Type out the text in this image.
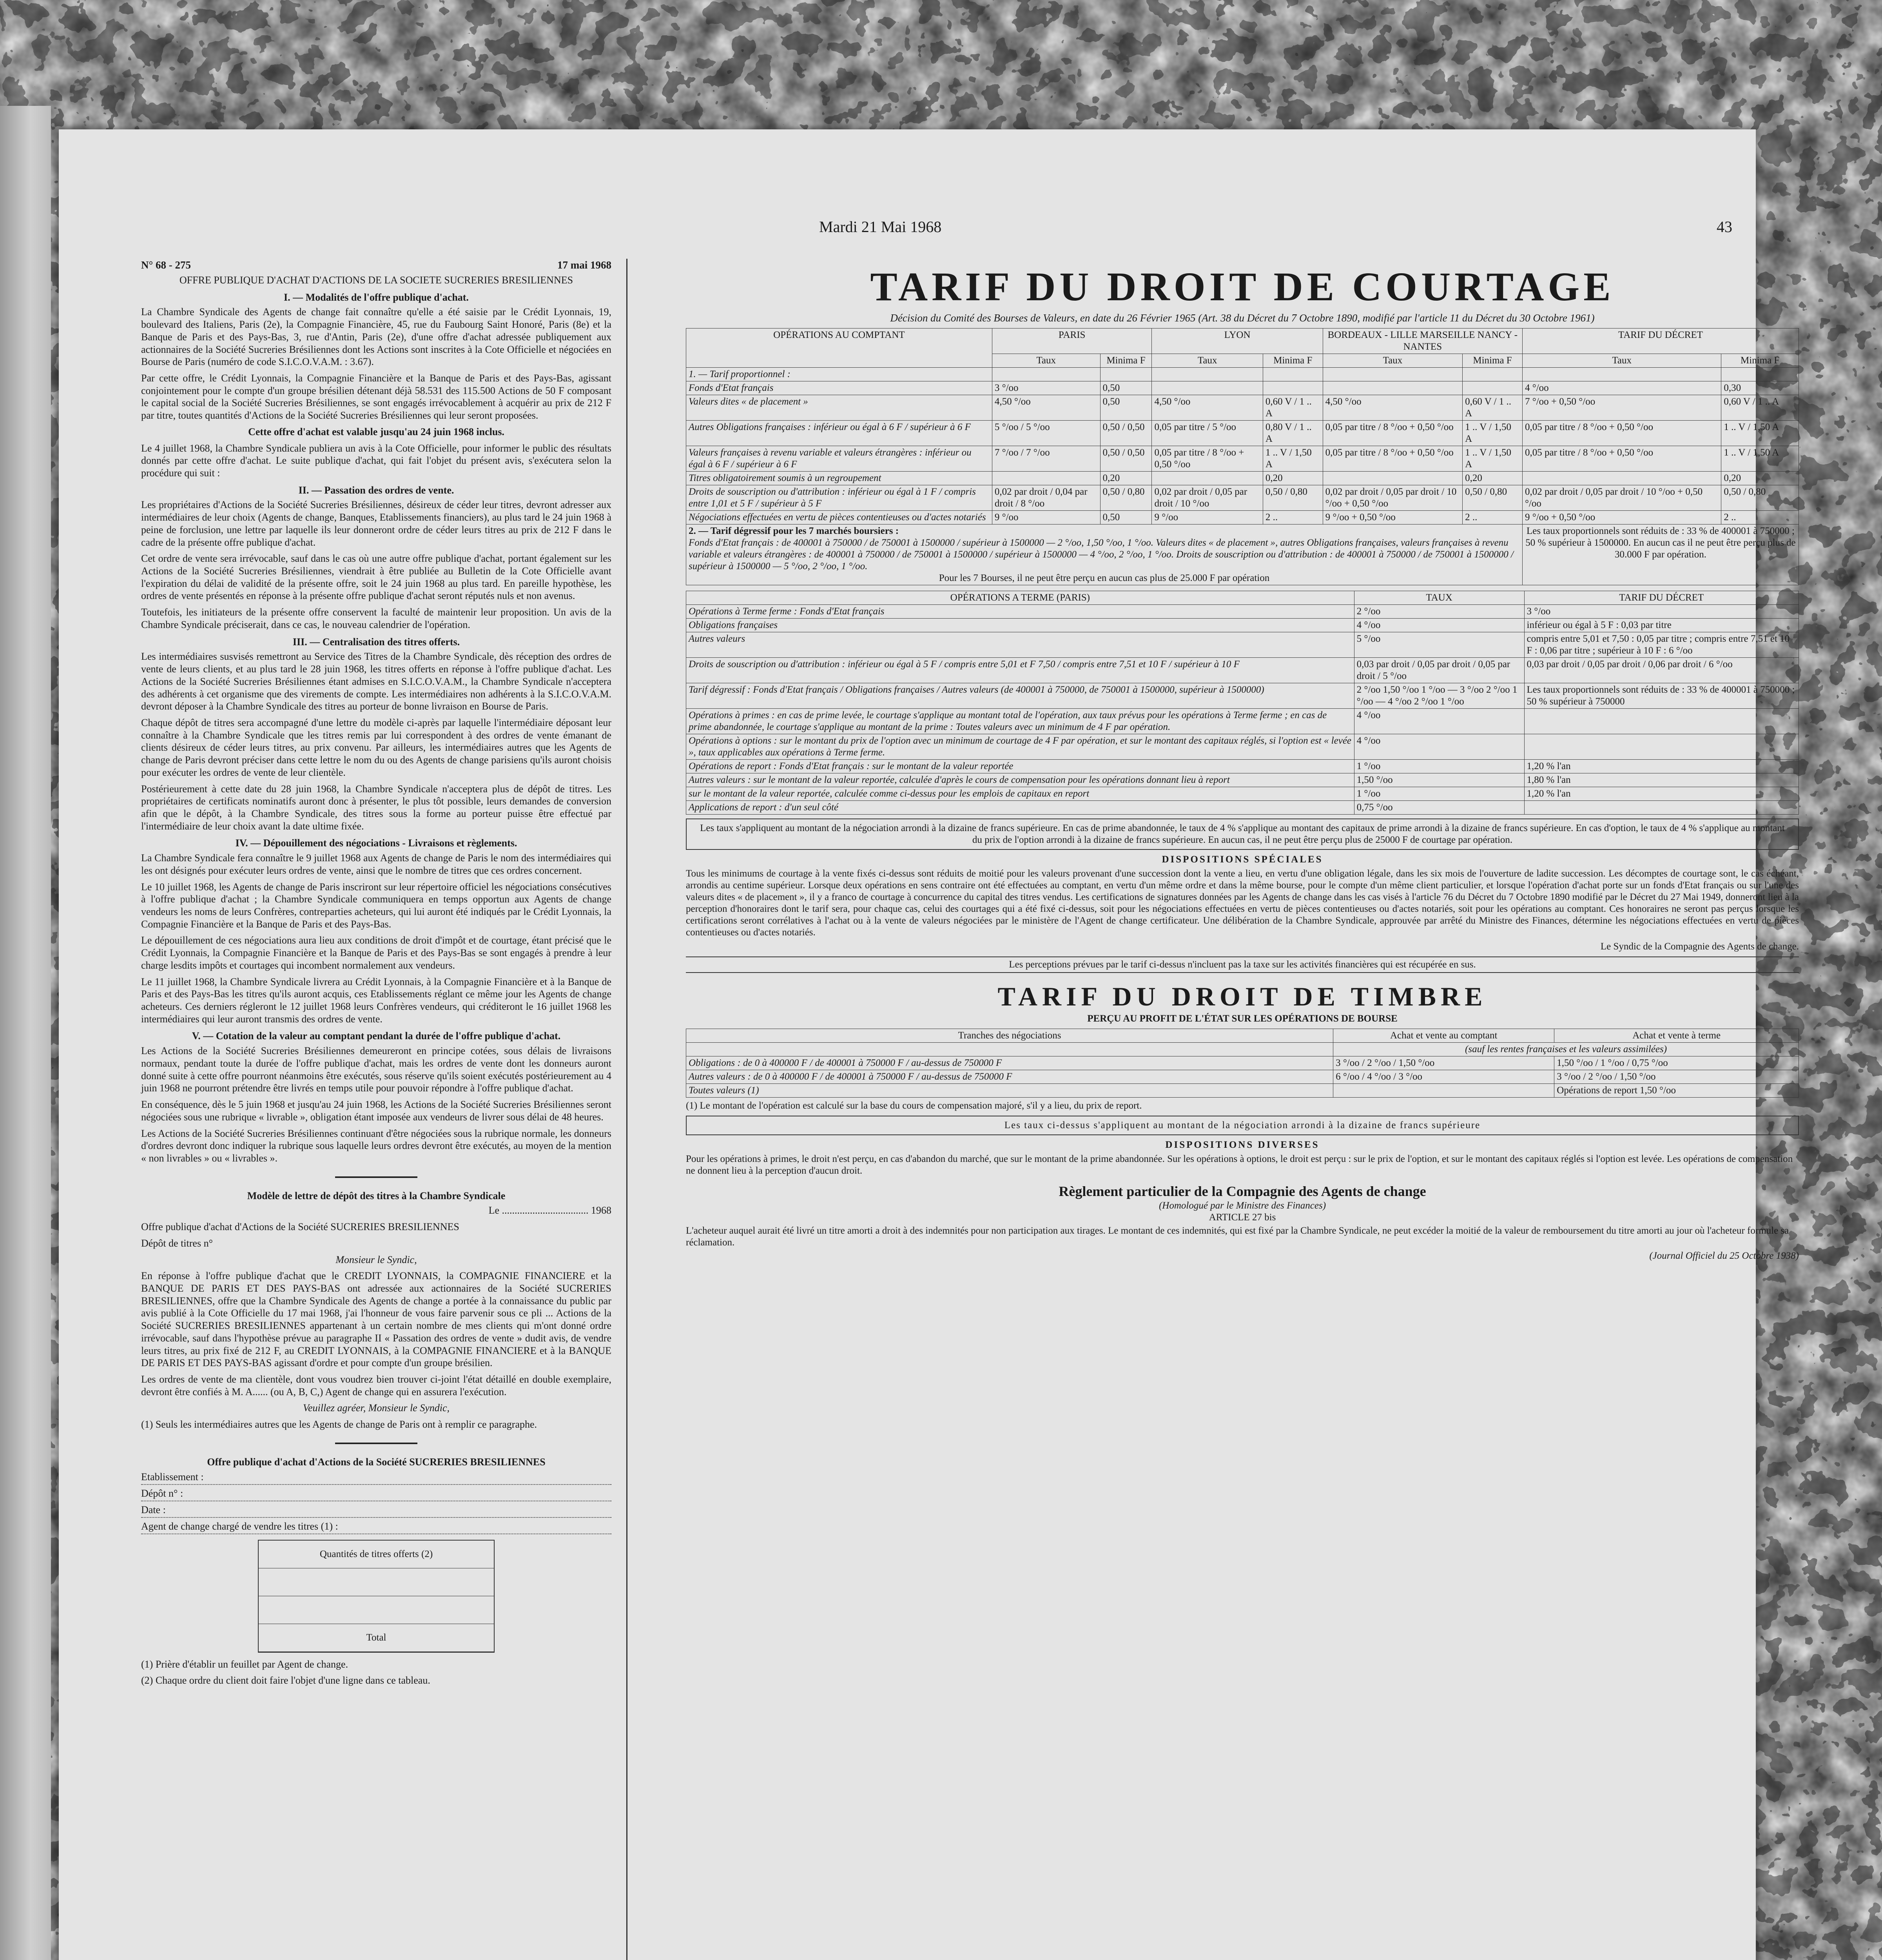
Mardi 21 Mai 1968	43
N° 68 - 275	17 mai 1968

OFFRE PUBLIQUE D'ACHAT D'ACTIONS DE LA SOCIETE SUCRERIES BRESILIENNES

I. — Modalités de l'offre publique d'achat.

La Chambre Syndicale des Agents de change fait connaître qu'elle a été saisie par le Crédit Lyonnais, 19, boulevard des Italiens, Paris (2e), la Compagnie Financière, 45, rue du Faubourg Saint Honoré, Paris (8e) et la Banque de Paris et des Pays-Bas, 3, rue d'Antin, Paris (2e), d'une offre d'achat adressée publiquement aux actionnaires de la Société Sucreries Brésiliennes dont les Actions sont inscrites à la Cote Officielle et négociées en Bourse de Paris (numéro de code S.I.C.O.V.A.M. : 3.67).

Par cette offre, le Crédit Lyonnais, la Compagnie Financière et la Banque de Paris et des Pays-Bas, agissant conjointement pour le compte d'un groupe brésilien détenant déjà 58.531 des 115.500 Actions de 50 F composant le capital social de la Société Sucreries Brésiliennes, se sont engagés irrévocablement à acquérir au prix de 212 F par titre, toutes quantités d'Actions de la Société Sucreries Brésiliennes qui leur seront proposées.

Cette offre d'achat est valable jusqu'au 24 juin 1968 inclus.

Le 4 juillet 1968, la Chambre Syndicale publiera un avis à la Cote Officielle, pour informer le public des résultats donnés par cette offre d'achat. Le suite publique d'achat, qui fait l'objet du présent avis, s'exécutera selon la procédure qui suit :

II. — Passation des ordres de vente.

Les propriétaires d'Actions de la Société Sucreries Brésiliennes, désireux de céder leur titres, devront adresser aux intermédiaires de leur choix (Agents de change, Banques, Etablissements financiers), au plus tard le 24 juin 1968 à peine de forclusion, une lettre par laquelle ils leur donneront ordre de céder leurs titres au prix de 212 F dans le cadre de la présente offre publique d'achat.

Cet ordre de vente sera irrévocable, sauf dans le cas où une autre offre publique d'achat, portant également sur les Actions de la Société Sucreries Brésiliennes, viendrait à être publiée au Bulletin de la Cote Officielle avant l'expiration du délai de validité de la présente offre, soit le 24 juin 1968 au plus tard. En pareille hypothèse, les ordres de vente présentés en réponse à la présente offre publique d'achat seront réputés nuls et non avenus.

Toutefois, les initiateurs de la présente offre conservent la faculté de maintenir leur proposition. Un avis de la Chambre Syndicale préciserait, dans ce cas, le nouveau calendrier de l'opération.

III. — Centralisation des titres offerts.

Les intermédiaires susvisés remettront au Service des Titres de la Chambre Syndicale, dès réception des ordres de vente de leurs clients, et au plus tard le 28 juin 1968, les titres offerts en réponse à l'offre publique d'achat. Les Actions de la Société Sucreries Brésiliennes étant admises en S.I.C.O.V.A.M., la Chambre Syndicale n'acceptera des adhérents à cet organisme que des virements de compte. Les intermédiaires non adhérents à la S.I.C.O.V.A.M. devront déposer à la Chambre Syndicale des titres au porteur de bonne livraison en Bourse de Paris.

Chaque dépôt de titres sera accompagné d'une lettre du modèle ci-après par laquelle l'intermédiaire déposant leur connaître à la Chambre Syndicale que les titres remis par lui correspondent à des ordres de vente émanant de clients désireux de céder leurs titres, au prix convenu. Par ailleurs, les intermédiaires autres que les Agents de change de Paris devront préciser dans cette lettre le nom du ou des Agents de change parisiens qu'ils auront choisis pour exécuter les ordres de vente de leur clientèle.

Postérieurement à cette date du 28 juin 1968, la Chambre Syndicale n'acceptera plus de dépôt de titres. Les propriétaires de certificats nominatifs auront donc à présenter, le plus tôt possible, leurs demandes de conversion afin que le dépôt, à la Chambre Syndicale, des titres sous la forme au porteur puisse être effectué par l'intermédiaire de leur choix avant la date ultime fixée.

IV. — Dépouillement des négociations - Livraisons et règlements.

La Chambre Syndicale fera connaître le 9 juillet 1968 aux Agents de change de Paris le nom des intermédiaires qui les ont désignés pour exécuter leurs ordres de vente, ainsi que le nombre de titres que ces ordres concernent.

Le 10 juillet 1968, les Agents de change de Paris inscriront sur leur répertoire officiel les négociations consécutives à l'offre publique d'achat ; la Chambre Syndicale communiquera en temps opportun aux Agents de change vendeurs les noms de leurs Confrères, contreparties acheteurs, qui lui auront été indiqués par le Crédit Lyonnais, la Compagnie Financière et la Banque de Paris et des Pays-Bas.

Le dépouillement de ces négociations aura lieu aux conditions de droit d'impôt et de courtage, étant précisé que le Crédit Lyonnais, la Compagnie Financière et la Banque de Paris et des Pays-Bas se sont engagés à prendre à leur charge lesdits impôts et courtages qui incombent normalement aux vendeurs.

Le 11 juillet 1968, la Chambre Syndicale livrera au Crédit Lyonnais, à la Compagnie Financière et à la Banque de Paris et des Pays-Bas les titres qu'ils auront acquis, ces Etablissements réglant ce même jour les Agents de change acheteurs. Ces derniers régleront le 12 juillet 1968 leurs Confrères vendeurs, qui créditeront le 16 juillet 1968 les intermédiaires qui leur auront transmis des ordres de vente.

V. — Cotation de la valeur au comptant pendant la durée de l'offre publique d'achat.

Les Actions de la Société Sucreries Brésiliennes demeureront en principe cotées, sous délais de livraisons normaux, pendant toute la durée de l'offre publique d'achat, mais les ordres de vente dont les donneurs auront donné suite à cette offre pourront néanmoins être exécutés, sous réserve qu'ils soient exécutés postérieurement au 4 juin 1968 ne pourront prétendre être livrés en temps utile pour pouvoir répondre à l'offre publique d'achat.

En conséquence, dès le 5 juin 1968 et jusqu'au 24 juin 1968, les Actions de la Société Sucreries Brésiliennes seront négociées sous une rubrique « livrable », obligation étant imposée aux vendeurs de livrer sous délai de 48 heures.

Les Actions de la Société Sucreries Brésiliennes continuant d'être négociées sous la rubrique normale, les donneurs d'ordres devront donc indiquer la rubrique sous laquelle leurs ordres devront être exécutés, au moyen de la mention « non livrables » ou « livrables ».

Modèle de lettre de dépôt des titres à la Chambre Syndicale

Le .................................. 1968

Offre publique d'achat d'Actions de la Société SUCRERIES BRESILIENNES

Dépôt de titres n°

Monsieur le Syndic,

En réponse à l'offre publique d'achat que le CREDIT LYONNAIS, la COMPAGNIE FINANCIERE et la BANQUE DE PARIS ET DES PAYS-BAS ont adressée aux actionnaires de la Société SUCRERIES BRESILIENNES, offre que la Chambre Syndicale des Agents de change a portée à la connaissance du public par avis publié à la Cote Officielle du 17 mai 1968, j'ai l'honneur de vous faire parvenir sous ce pli ... Actions de la Société SUCRERIES BRESILIENNES appartenant à un certain nombre de mes clients qui m'ont donné ordre irrévocable, sauf dans l'hypothèse prévue au paragraphe II « Passation des ordres de vente » dudit avis, de vendre leurs titres, au prix fixé de 212 F, au CREDIT LYONNAIS, à la COMPAGNIE FINANCIERE et à la BANQUE DE PARIS ET DES PAYS-BAS agissant d'ordre et pour compte d'un groupe brésilien.

Les ordres de vente de ma clientèle, dont vous voudrez bien trouver ci-joint l'état détaillé en double exemplaire, devront être confiés à M. A...... (ou A, B, C,) Agent de change qui en assurera l'exécution.

Veuillez agréer, Monsieur le Syndic,

(1) Seuls les intermédiaires autres que les Agents de change de Paris ont à remplir ce paragraphe.

Offre publique d'achat d'Actions de la Société SUCRERIES BRESILIENNES
Etablissement :
Dépôt n° :
Date :
Agent de change chargé de vendre les titres (1) :
Quantités de titres offerts (2)
Total

(1) Prière d'établir un feuillet par Agent de change.

(2) Chaque ordre du client doit faire l'objet d'une ligne dans ce tableau.

TARIF DU DROIT DE COURTAGE
Décision du Comité des Bourses de Valeurs, en date du 26 Février 1965 (Art. 38 du Décret du 7 Octobre 1890, modifié par l'article 11 du Décret du 30 Octobre 1961)
OPÉRATIONS AU COMPTANT	PARIS		LYON		BORDEAUX - LILLE MARSEILLE NANCY - NANTES		TARIF DU DÉCRET	
	Taux	Minima F	Taux	Minima F	Taux	Minima F	Taux	Minima F
1. — Tarif proportionnel :								
Fonds d'Etat français	3 °/oo	0,50					4 °/oo	0,30
Valeurs dites « de placement »	4,50 °/oo	0,50	4,50 °/oo	0,60 V / 1 .. A	4,50 °/oo	0,60 V / 1 .. A	7 °/oo + 0,50 °/oo	0,60 V / 1 .. A
Autres Obligations françaises : inférieur ou égal à 6 F / supérieur à 6 F	5 °/oo / 5 °/oo	0,50 / 0,50	0,05 par titre / 5 °/oo	0,80 V / 1 .. A	0,05 par titre / 8 °/oo + 0,50 °/oo	1 .. V / 1,50 A	0,05 par titre / 8 °/oo + 0,50 °/oo	1 .. V / 1,50 A
Valeurs françaises à revenu variable et valeurs étrangères : inférieur ou égal à 6 F / supérieur à 6 F	7 °/oo / 7 °/oo	0,50 / 0,50	0,05 par titre / 8 °/oo + 0,50 °/oo	1 .. V / 1,50 A	0,05 par titre / 8 °/oo + 0,50 °/oo	1 .. V / 1,50 A	0,05 par titre / 8 °/oo + 0,50 °/oo	1 .. V / 1,50 A
Titres obligatoirement soumis à un regroupement		0,20		0,20		0,20		0,20
Droits de souscription ou d'attribution : inférieur ou égal à 1 F / compris entre 1,01 et 5 F / supérieur à 5 F	0,02 par droit / 0,04 par droit / 8 °/oo	0,50 / 0,80	0,02 par droit / 0,05 par droit / 10 °/oo	0,50 / 0,80	0,02 par droit / 0,05 par droit / 10 °/oo + 0,50 °/oo	0,50 / 0,80	0,02 par droit / 0,05 par droit / 10 °/oo + 0,50 °/oo	0,50 / 0,80
Négociations effectuées en vertu de pièces contentieuses ou d'actes notariés	9 °/oo	0,50	9 °/oo	2 ..	9 °/oo + 0,50 °/oo	2 ..	9 °/oo + 0,50 °/oo	2 ..

2. — Tarif dégressif pour les 7 marchés boursiers :
Fonds d'Etat français : de 400001 à 750000 / de 750001 à 1500000 / supérieur à 1500000 — 2 °/oo, 1,50 °/oo, 1 °/oo. Valeurs dites « de placement », autres Obligations françaises, valeurs françaises à revenu variable et valeurs étrangères : de 400001 à 750000 / de 750001 à 1500000 / supérieur à 1500000 — 4 °/oo, 2 °/oo, 1 °/oo. Droits de souscription ou d'attribution : de 400001 à 750000 / de 750001 à 1500000 / supérieur à 1500000 — 5 °/oo, 2 °/oo, 1 °/oo.
Pour les 7 Bourses, il ne peut être perçu en aucun cas plus de 25.000 F par opération							Les taux proportionnels sont réduits de : 33 % de 400001 à 750000 ; 50 % supérieur à 1500000. En aucun cas il ne peut être perçu plus de 30.000 F par opération.	
OPÉRATIONS A TERME (PARIS)	TAUX	TARIF DU DÉCRET
Opérations à Terme ferme : Fonds d'Etat français	2 °/oo	3 °/oo
Obligations françaises	4 °/oo	inférieur ou égal à 5 F : 0,03 par titre
Autres valeurs	5 °/oo	compris entre 5,01 et 7,50 : 0,05 par titre ; compris entre 7,51 et 10 F : 0,06 par titre ; supérieur à 10 F : 6 °/oo
Droits de souscription ou d'attribution : inférieur ou égal à 5 F / compris entre 5,01 et F 7,50 / compris entre 7,51 et 10 F / supérieur à 10 F	0,03 par droit / 0,05 par droit / 0,05 par droit / 5 °/oo	0,03 par droit / 0,05 par droit / 0,06 par droit / 6 °/oo
Tarif dégressif : Fonds d'Etat français / Obligations françaises / Autres valeurs (de 400001 à 750000, de 750001 à 1500000, supérieur à 1500000)	2 °/oo 1,50 °/oo 1 °/oo — 3 °/oo 2 °/oo 1 °/oo — 4 °/oo 2 °/oo 1 °/oo	Les taux proportionnels sont réduits de : 33 % de 400001 à 750000 ; 50 % supérieur à 750000
Opérations à primes : en cas de prime levée, le courtage s'applique au montant total de l'opération, aux taux prévus pour les opérations à Terme ferme ; en cas de prime abandonnée, le courtage s'applique au montant de la prime : Toutes valeurs avec un minimum de 4 F par opération.	4 °/oo	
Opérations à options : sur le montant du prix de l'option avec un minimum de courtage de 4 F par opération, et sur le montant des capitaux réglés, si l'option est « levée », taux applicables aux opérations à Terme ferme.	4 °/oo	
Opérations de report : Fonds d'Etat français : sur le montant de la valeur reportée	1 °/oo	1,20 % l'an
Autres valeurs : sur le montant de la valeur reportée, calculée d'après le cours de compensation pour les opérations donnant lieu à report	1,50 °/oo	1,80 % l'an
sur le montant de la valeur reportée, calculée comme ci-dessus pour les emplois de capitaux en report	1 °/oo	1,20 % l'an
Applications de report : d'un seul côté	0,75 °/oo	
Les taux s'appliquent au montant de la négociation arrondi à la dizaine de francs supérieure. En cas de prime abandonnée, le taux de 4 % s'applique au montant des capitaux de prime arrondi à la dizaine de francs supérieure. En cas d'option, le taux de 4 % s'applique au montant du prix de l'option arrondi à la dizaine de francs supérieure. En aucun cas, il ne peut être perçu plus de 25000 F de courtage par opération.
DISPOSITIONS SPÉCIALES

Tous les minimums de courtage à la vente fixés ci-dessus sont réduits de moitié pour les valeurs provenant d'une succession dont la vente a lieu, en vertu d'une obligation légale, dans les six mois de l'ouverture de ladite succession. Les décomptes de courtage sont, le cas échéant, arrondis au centime supérieur. Lorsque deux opérations en sens contraire ont été effectuées au comptant, en vertu d'un même ordre et dans la même bourse, pour le compte d'un même client particulier, et lorsque l'opération d'achat porte sur un fonds d'Etat français ou sur l'une des valeurs dites « de placement », il y a franco de courtage à concurrence du capital des titres vendus. Les certifications de signatures données par les Agents de change dans les cas visés à l'article 76 du Décret du 7 Octobre 1890 modifié par le Décret du 27 Mai 1949, donneront lieu à la perception d'honoraires dont le tarif sera, pour chaque cas, celui des courtages qui a été fixé ci-dessus, soit pour les négociations effectuées en vertu de pièces contentieuses ou d'actes notariés, soit pour les opérations au comptant. Ces honoraires ne seront pas perçus lorsque les certifications seront corrélatives à l'achat ou à la vente de valeurs négociées par le ministère de l'Agent de change certificateur. Une délibération de la Chambre Syndicale, approuvée par arrêté du Ministre des Finances, détermine les négociations effectuées en vertu de pièces contentieuses ou d'actes notariés.

Le Syndic de la Compagnie des Agents de change.

Les perceptions prévues par le tarif ci-dessus n'incluent pas la taxe sur les activités financières qui est récupérée en sus.
TARIF DU DROIT DE TIMBRE
PERÇU AU PROFIT DE L'ÉTAT SUR LES OPÉRATIONS DE BOURSE
Tranches des négociations	Achat et vente au comptant	Achat et vente à terme
	(sauf les rentes françaises et les valeurs assimilées)	
Obligations : de 0 à 400000 F / de 400001 à 750000 F / au-dessus de 750000 F	3 °/oo / 2 °/oo / 1,50 °/oo	1,50 °/oo / 1 °/oo / 0,75 °/oo
Autres valeurs : de 0 à 400000 F / de 400001 à 750000 F / au-dessus de 750000 F	6 °/oo / 4 °/oo / 3 °/oo	3 °/oo / 2 °/oo / 1,50 °/oo
Toutes valeurs (1)		Opérations de report 1,50 °/oo

(1) Le montant de l'opération est calculé sur la base du cours de compensation majoré, s'il y a lieu, du prix de report.

Les taux ci-dessus s'appliquent au montant de la négociation arrondi à la dizaine de francs supérieure
DISPOSITIONS DIVERSES

Pour les opérations à primes, le droit n'est perçu, en cas d'abandon du marché, que sur le montant de la prime abandonnée. Sur les opérations à options, le droit est perçu : sur le prix de l'option, et sur le montant des capitaux réglés si l'option est levée. Les opérations de compensation ne donnent lieu à la perception d'aucun droit.

Règlement particulier de la Compagnie des Agents de change
(Homologué par le Ministre des Finances)
ARTICLE 27 bis

L'acheteur auquel aurait été livré un titre amorti a droit à des indemnités pour non participation aux tirages. Le montant de ces indemnités, qui est fixé par la Chambre Syndicale, ne peut excéder la moitié de la valeur de remboursement du titre amorti au jour où l'acheteur formule sa réclamation.

(Journal Officiel du 25 Octobre 1938)
